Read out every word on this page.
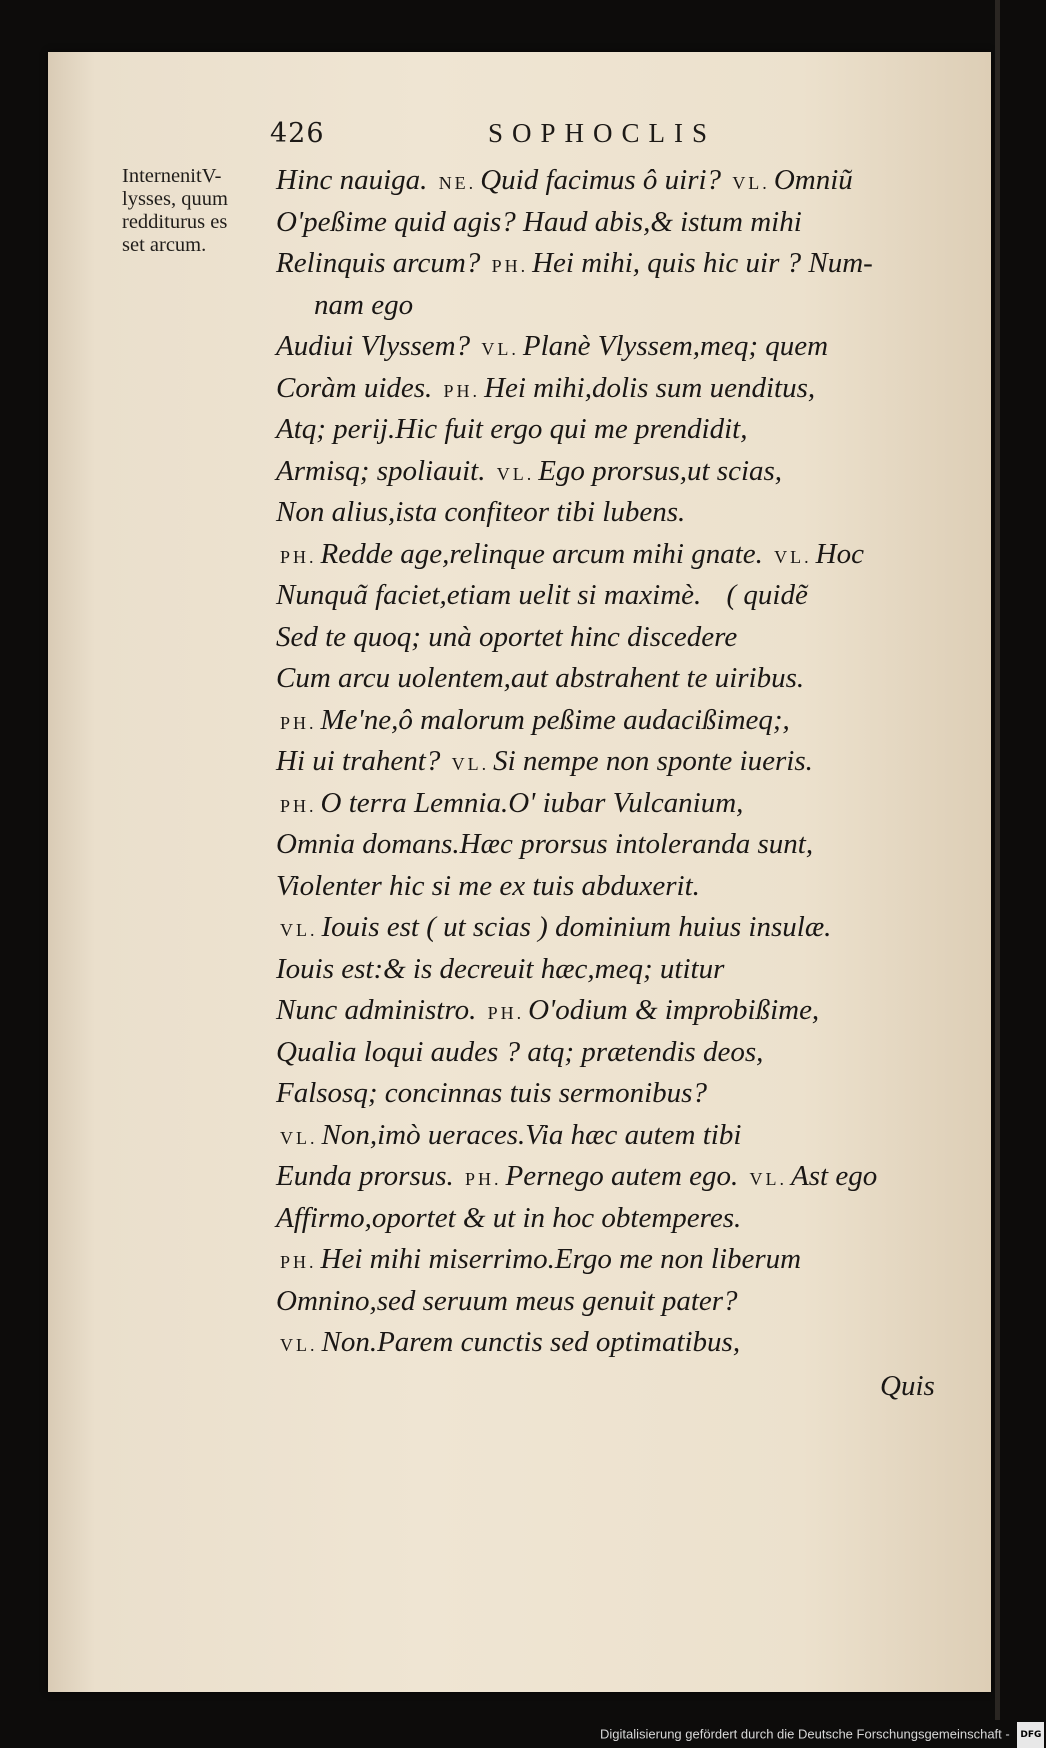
426	SOPHOCLIS
InternenitV-
lysses, quum
redditurus es
set arcum.
Hinc nauiga. NE. Quid facimus ô uiri? VL. Omniũ
O'peßime quid agis? Haud abis,& istum mihi
Relinquis arcum? PH. Hei mihi, quis hic uir ? Num-
nam ego
Audiui Vlyssem? VL. Planè Vlyssem,meq; quem
Coràm uides. PH. Hei mihi,dolis sum uenditus,
Atq; perij.Hic fuit ergo qui me prendidit,
Armisq; spoliauit. VL. Ego prorsus,ut scias,
Non alius,ista confiteor tibi lubens.
PH. Redde age,relinque arcum mihi gnate. VL. Hoc
Nunquã faciet,etiam uelit si maximè. ( quidẽ
Sed te quoq; unà oportet hinc discedere
Cum arcu uolentem,aut abstrahent te uiribus.
PH. Me'ne,ô malorum peßime audacißimeq;,
Hi ui trahent? VL. Si nempe non sponte iueris.
PH. O terra Lemnia.O' iubar Vulcanium,
Omnia domans.Hæc prorsus intoleranda sunt,
Violenter hic si me ex tuis abduxerit.
VL. Iouis est ( ut scias ) dominium huius insulæ.
Iouis est:& is decreuit hæc,meq; utitur
Nunc administro. PH. O'odium & improbißime,
Qualia loqui audes ? atq; prætendis deos,
Falsosq; concinnas tuis sermonibus?
VL. Non,imò ueraces.Via hæc autem tibi
Eunda prorsus. PH. Pernego autem ego. VL. Ast ego
Affirmo,oportet & ut in hoc obtemperes.
PH. Hei mihi miserrimo.Ergo me non liberum
Omnino,sed seruum meus genuit pater?
VL. Non.Parem cunctis sed optimatibus,
Quis
Digitalisierung gefördert durch die Deutsche Forschungsgemeinschaft - DFG
